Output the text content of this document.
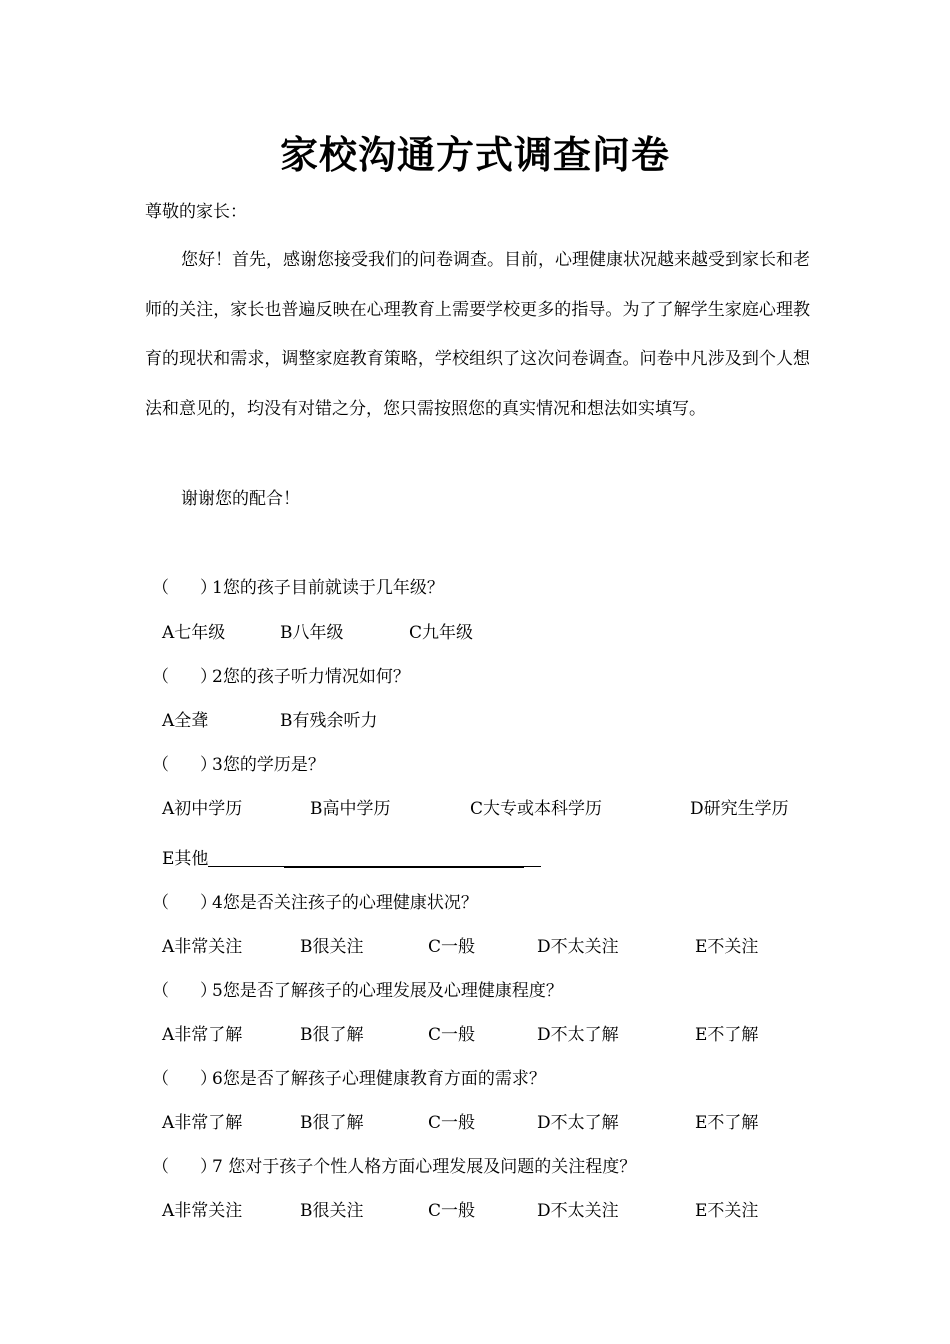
家校沟通方式调查问卷
尊敬的家长：

您好！首先，感谢您接受我们的问卷调查。目前，心理健康状况越来越受到家长和老师的关注，家长也普遍反映在心理教育上需要学校更多的指导。为了了解学生家庭心理教育的现状和需求，调整家庭教育策略，学校组织了这次问卷调查。问卷中凡涉及到个人想法和意见的，均没有对错之分，您只需按照您的真实情况和想法如实填写。

谢谢您的配合！
（ ）1您的孩子目前就读于几年级？
A七年级	B八年级	C九年级
（ ）2您的孩子听力情况如何？
A全聋	B有残余听力
（ ）3您的学历是？
A初中学历	B高中学历	C大专或本科学历	D研究生学历
E其他
（ ）4您是否关注孩子的心理健康状况？
A非常关注	B很关注	C一般	D不太关注	E不关注
（ ）5您是否了解孩子的心理发展及心理健康程度？
A非常了解	B很了解	C一般	D不太了解	E不了解
（ ）6您是否了解孩子心理健康教育方面的需求？
A非常了解	B很了解	C一般	D不太了解	E不了解
（ ）7 您对于孩子个性人格方面心理发展及问题的关注程度？
A非常关注	B很关注	C一般	D不太关注	E不关注
